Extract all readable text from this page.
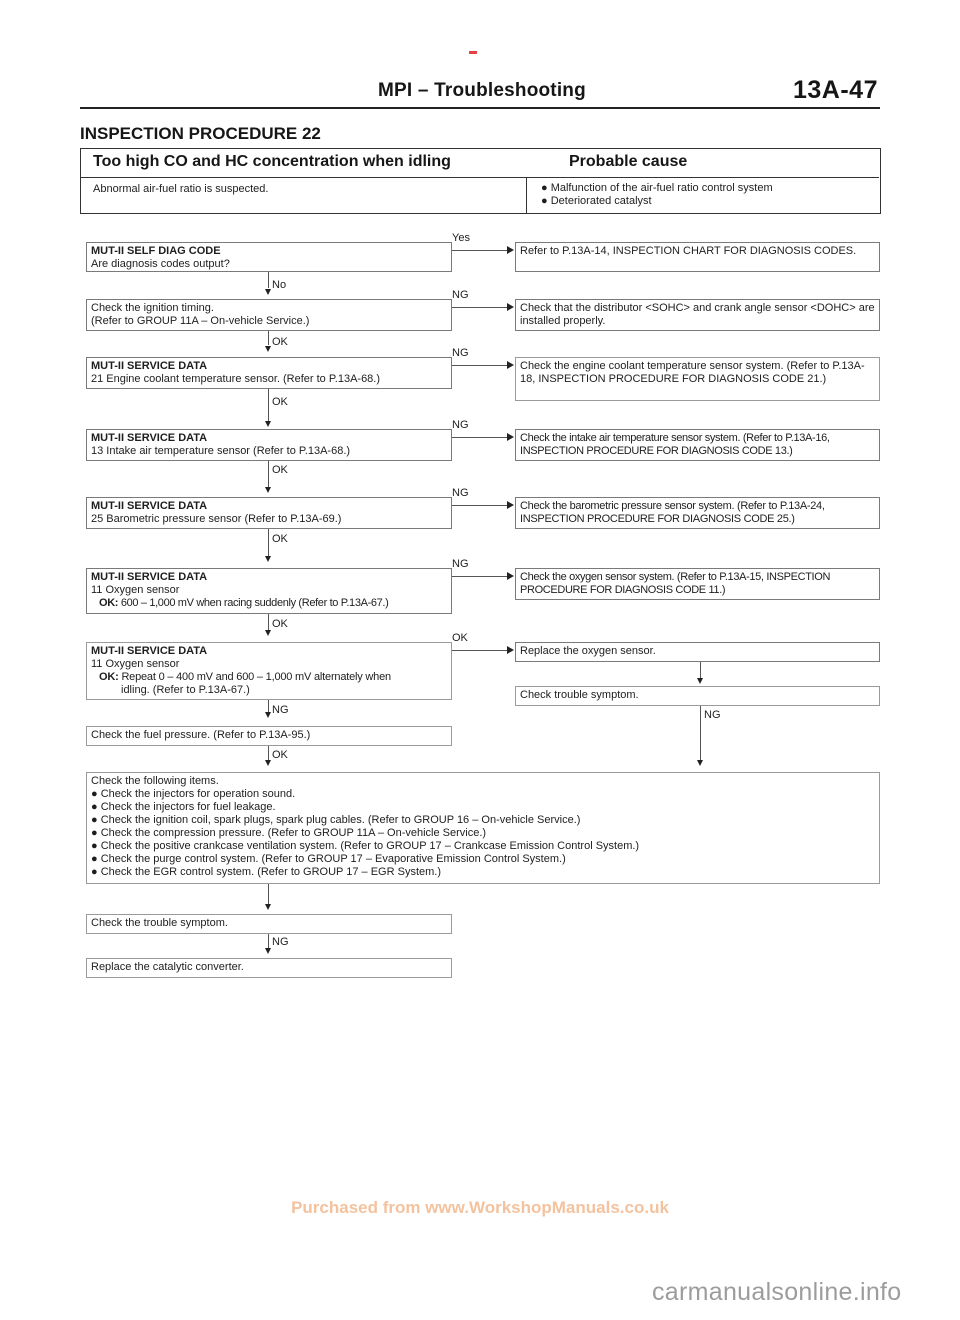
MPI – Troubleshooting	13A-47
INSPECTION PROCEDURE 22
Too high CO and HC concentration when idling	Probable cause
Abnormal air-fuel ratio is suspected.	● Malfunction of the air-fuel ratio control system
● Deteriorated catalyst
MUT-II SELF DIAG CODE
Are diagnosis codes output?
Yes
Refer to P.13A-14, INSPECTION CHART FOR DIAGNOSIS CODES.
No
Check the ignition timing.
(Refer to GROUP 11A – On-vehicle Service.)
NG
Check that the distributor <SOHC> and crank angle sensor <DOHC> are installed properly.
OK
MUT-II SERVICE DATA
21 Engine coolant temperature sensor. (Refer to P.13A-68.)
NG
Check the engine coolant temperature sensor system. (Refer to P.13A-18, INSPECTION PROCEDURE FOR DIAGNOSIS CODE 21.)
OK
MUT-II SERVICE DATA
13 Intake air temperature sensor (Refer to P.13A-68.)
NG
Check the intake air temperature sensor system. (Refer to P.13A-16, INSPECTION PROCEDURE FOR DIAGNOSIS CODE 13.)
OK
MUT-II SERVICE DATA
25 Barometric pressure sensor (Refer to P.13A-69.)
NG
Check the barometric pressure sensor system. (Refer to P.13A-24, INSPECTION PROCEDURE FOR DIAGNOSIS CODE 25.)
OK
MUT-II SERVICE DATA
11 Oxygen sensor
OK: 600 – 1,000 mV when racing suddenly (Refer to P.13A-67.)
NG
Check the oxygen sensor system. (Refer to P.13A-15, INSPECTION PROCEDURE FOR DIAGNOSIS CODE 11.)
OK
MUT-II SERVICE DATA
11 Oxygen sensor
OK: Repeat 0 – 400 mV and 600 – 1,000 mV alternately when
idling. (Refer to P.13A-67.)
OK
Replace the oxygen sensor.
Check trouble symptom.
NG
NG
Check the fuel pressure. (Refer to P.13A-95.)
OK
Check the following items.
● Check the injectors for operation sound.
● Check the injectors for fuel leakage.
● Check the ignition coil, spark plugs, spark plug cables. (Refer to GROUP 16 – On-vehicle Service.)
● Check the compression pressure. (Refer to GROUP 11A – On-vehicle Service.)
● Check the positive crankcase ventilation system. (Refer to GROUP 17 – Crankcase Emission Control System.)
● Check the purge control system. (Refer to GROUP 17 – Evaporative Emission Control System.)
● Check the EGR control system. (Refer to GROUP 17 – EGR System.)
Check the trouble symptom.
NG
Replace the catalytic converter.
Purchased from www.WorkshopManuals.co.uk
carmanualsonline.info
